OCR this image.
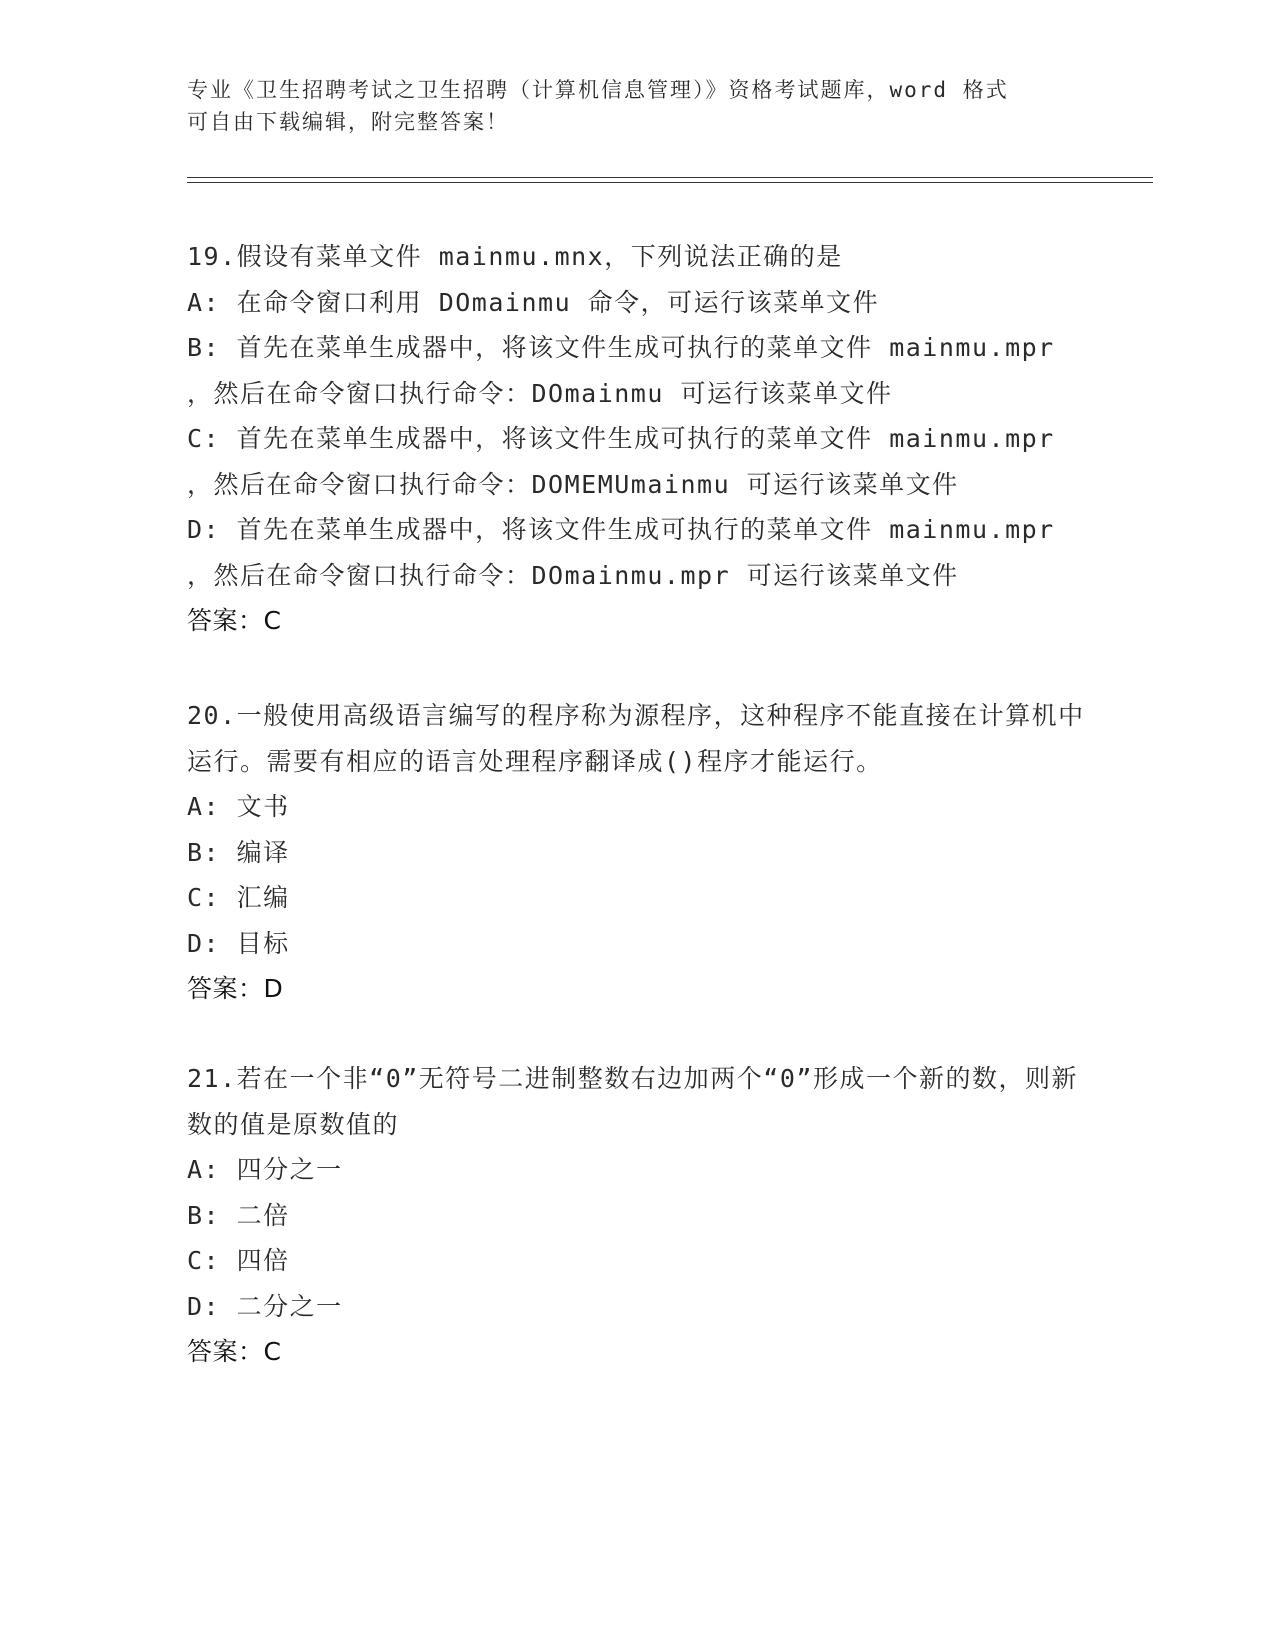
专业《卫生招聘考试之卫生招聘（计算机信息管理）》资格考试题库，word 格式
可自由下载编辑，附完整答案！
19.假设有菜单文件 mainmu.mnx，下列说法正确的是
A: 在命令窗口利用 DOmainmu 命令，可运行该菜单文件
B: 首先在菜单生成器中，将该文件生成可执行的菜单文件 mainmu.mpr
，然后在命令窗口执行命令：DOmainmu 可运行该菜单文件
C: 首先在菜单生成器中，将该文件生成可执行的菜单文件 mainmu.mpr
，然后在命令窗口执行命令：DOMEMUmainmu 可运行该菜单文件
D: 首先在菜单生成器中，将该文件生成可执行的菜单文件 mainmu.mpr
，然后在命令窗口执行命令：DOmainmu.mpr 可运行该菜单文件
答案：C
20.一般使用高级语言编写的程序称为源程序，这种程序不能直接在计算机中运行。需要有相应的语言处理程序翻译成()程序才能运行。
A: 文书
B: 编译
C: 汇编
D: 目标
答案：D
21.若在一个非“0”无符号二进制整数右边加两个“0”形成一个新的数，则新数的值是原数值的
A: 四分之一
B: 二倍
C: 四倍
D: 二分之一
答案：C
